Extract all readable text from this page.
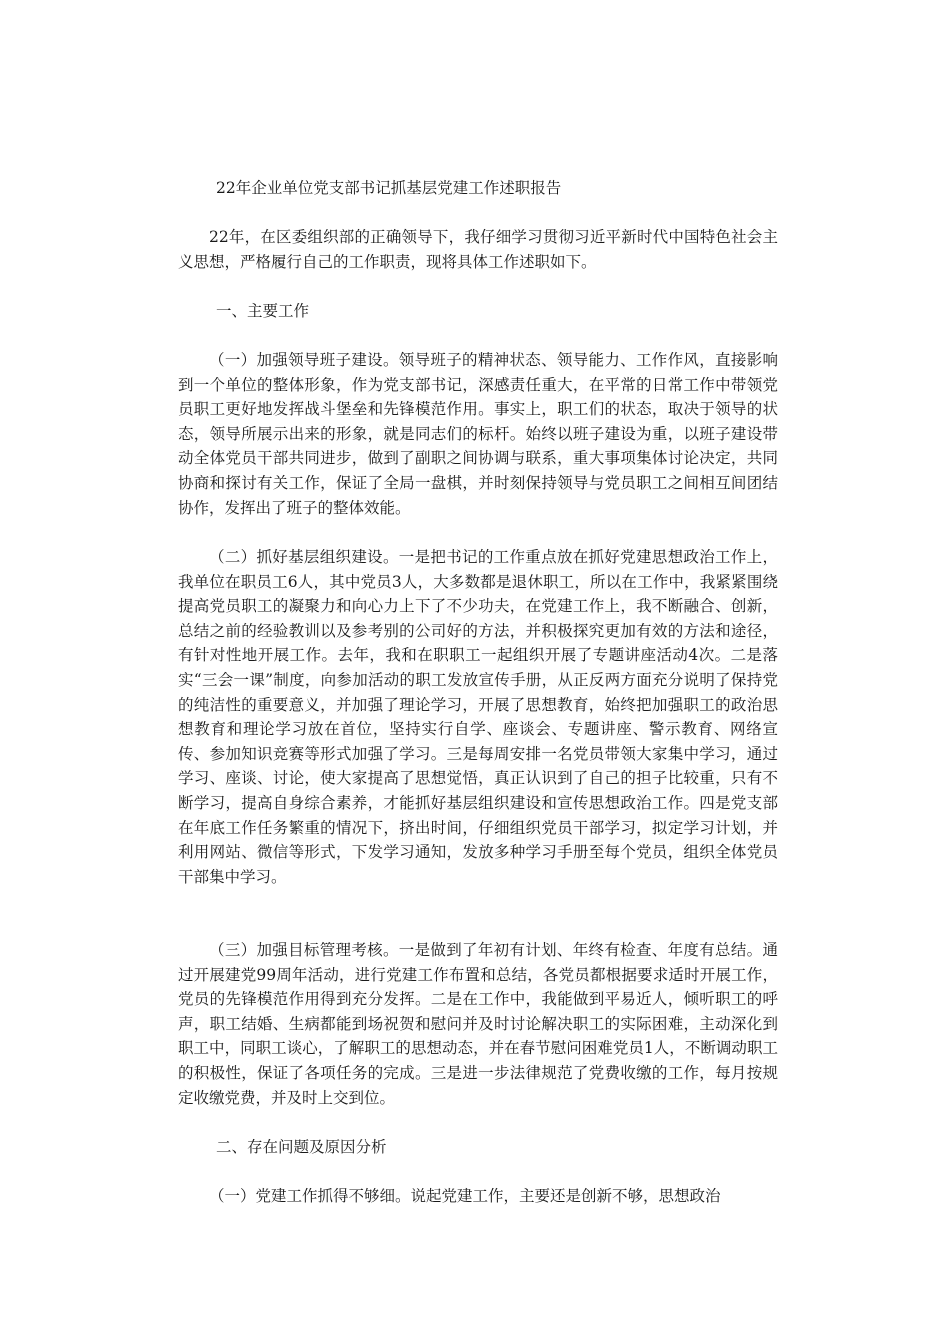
22年企业单位党支部书记抓基层党建工作述职报告
22年，在区委组织部的正确领导下，我仔细学习贯彻习近平新时代中国特色社会主义思想，严格履行自己的工作职责，现将具体工作述职如下。
一、主要工作
（一）加强领导班子建设。领导班子的精神状态、领导能力、工作作风，直接影响到一个单位的整体形象，作为党支部书记，深感责任重大，在平常的日常工作中带领党员职工更好地发挥战斗堡垒和先锋模范作用。事实上，职工们的状态，取决于领导的状态，领导所展示出来的形象，就是同志们的标杆。始终以班子建设为重，以班子建设带动全体党员干部共同进步，做到了副职之间协调与联系，重大事项集体讨论决定，共同协商和探讨有关工作，保证了全局一盘棋，并时刻保持领导与党员职工之间相互间团结协作，发挥出了班子的整体效能。
（二）抓好基层组织建设。一是把书记的工作重点放在抓好党建思想政治工作上，我单位在职员工6人，其中党员3人，大多数都是退休职工，所以在工作中，我紧紧围绕提高党员职工的凝聚力和向心力上下了不少功夫，在党建工作上，我不断融合、创新，总结之前的经验教训以及参考别的公司好的方法，并积极探究更加有效的方法和途径，有针对性地开展工作。去年，我和在职职工一起组织开展了专题讲座活动4次。二是落实“三会一课”制度，向参加活动的职工发放宣传手册，从正反两方面充分说明了保持党的纯洁性的重要意义，并加强了理论学习，开展了思想教育，始终把加强职工的政治思想教育和理论学习放在首位，坚持实行自学、座谈会、专题讲座、警示教育、网络宣传、参加知识竞赛等形式加强了学习。三是每周安排一名党员带领大家集中学习，通过学习、座谈、讨论，使大家提高了思想觉悟，真正认识到了自己的担子比较重，只有不断学习，提高自身综合素养，才能抓好基层组织建设和宣传思想政治工作。四是党支部在年底工作任务繁重的情况下，挤出时间，仔细组织党员干部学习，拟定学习计划，并利用网站、微信等形式，下发学习通知，发放多种学习手册至每个党员，组织全体党员干部集中学习。
（三）加强目标管理考核。一是做到了年初有计划、年终有检查、年度有总结。通过开展建党99周年活动，进行党建工作布置和总结，各党员都根据要求适时开展工作，党员的先锋模范作用得到充分发挥。二是在工作中，我能做到平易近人，倾听职工的呼声，职工结婚、生病都能到场祝贺和慰问并及时讨论解决职工的实际困难，主动深化到职工中，同职工谈心，了解职工的思想动态，并在春节慰问困难党员1人，不断调动职工的积极性，保证了各项任务的完成。三是进一步法律规范了党费收缴的工作，每月按规定收缴党费，并及时上交到位。
二、存在问题及原因分析
（一）党建工作抓得不够细。说起党建工作，主要还是创新不够，思想政治
